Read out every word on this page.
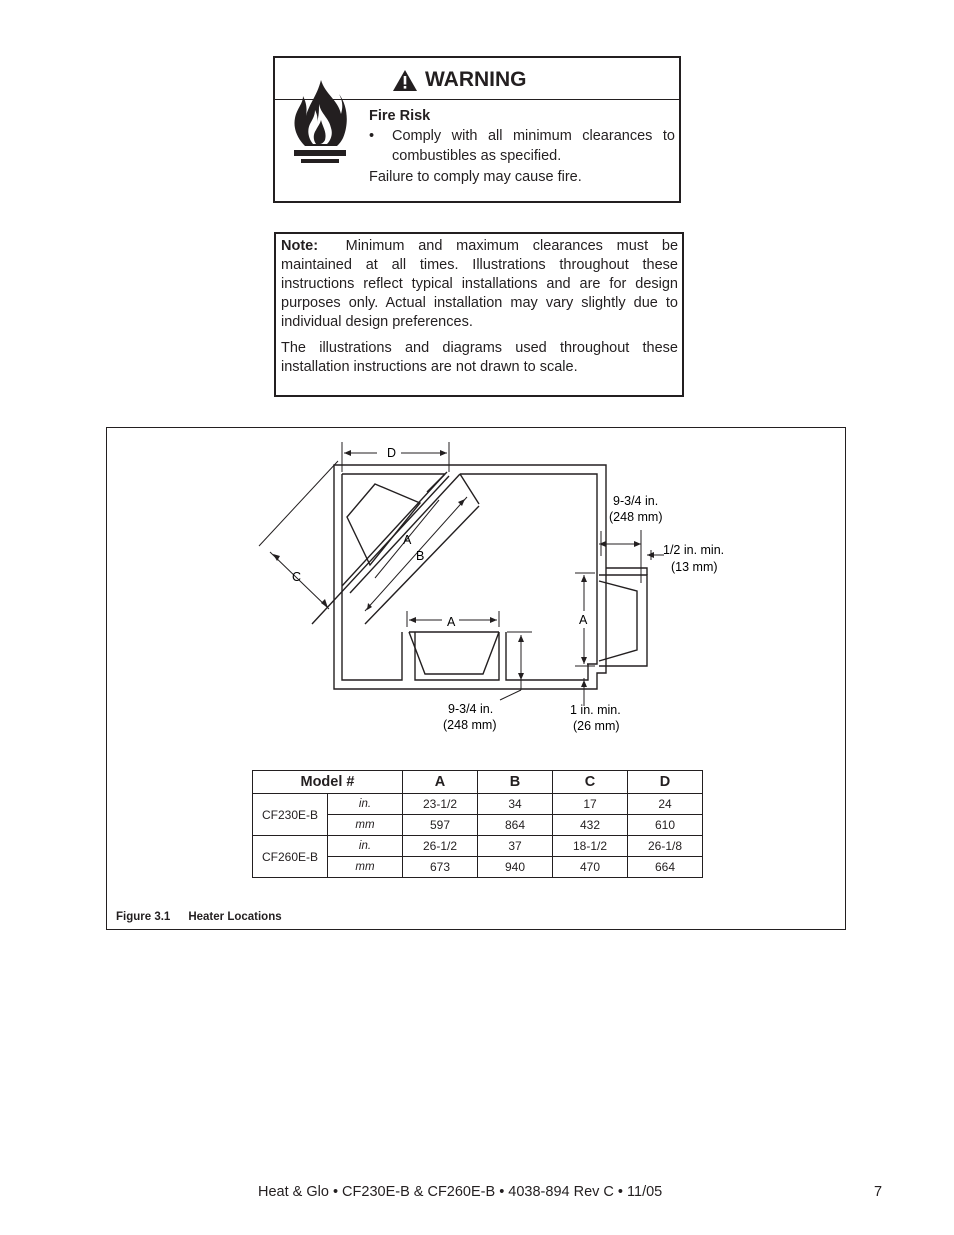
WARNING
Fire Risk
•	Comply with all minimum clearances to combustibles as specified.
Failure to comply may cause fire.

Note: Minimum and maximum clearances must be maintained at all times. Illustrations throughout these instructions reflect typical installations and are for design purposes only. Actual installation may vary slightly due to individual design preferences.

The illustrations and diagrams used throughout these installation instructions are not drawn to scale.

D
A
B
C
A	A
9-3/4 in.
(248 mm)
1/2 in. min.
(13 mm)
9-3/4 in.
(248 mm)
1 in. min.
(26 mm)
Model #		A	B	C	D
CF230E-B	in.	23-1/2	34	17	24
	mm	597	864	432	610
CF260E-B	in.	26-1/2	37	18-1/2	26-1/8
	mm	673	940	470	664
Figure 3.1 Heater Locations
Heat & Glo • CF230E-B & CF260E-B • 4038-894 Rev C • 11/05	7
